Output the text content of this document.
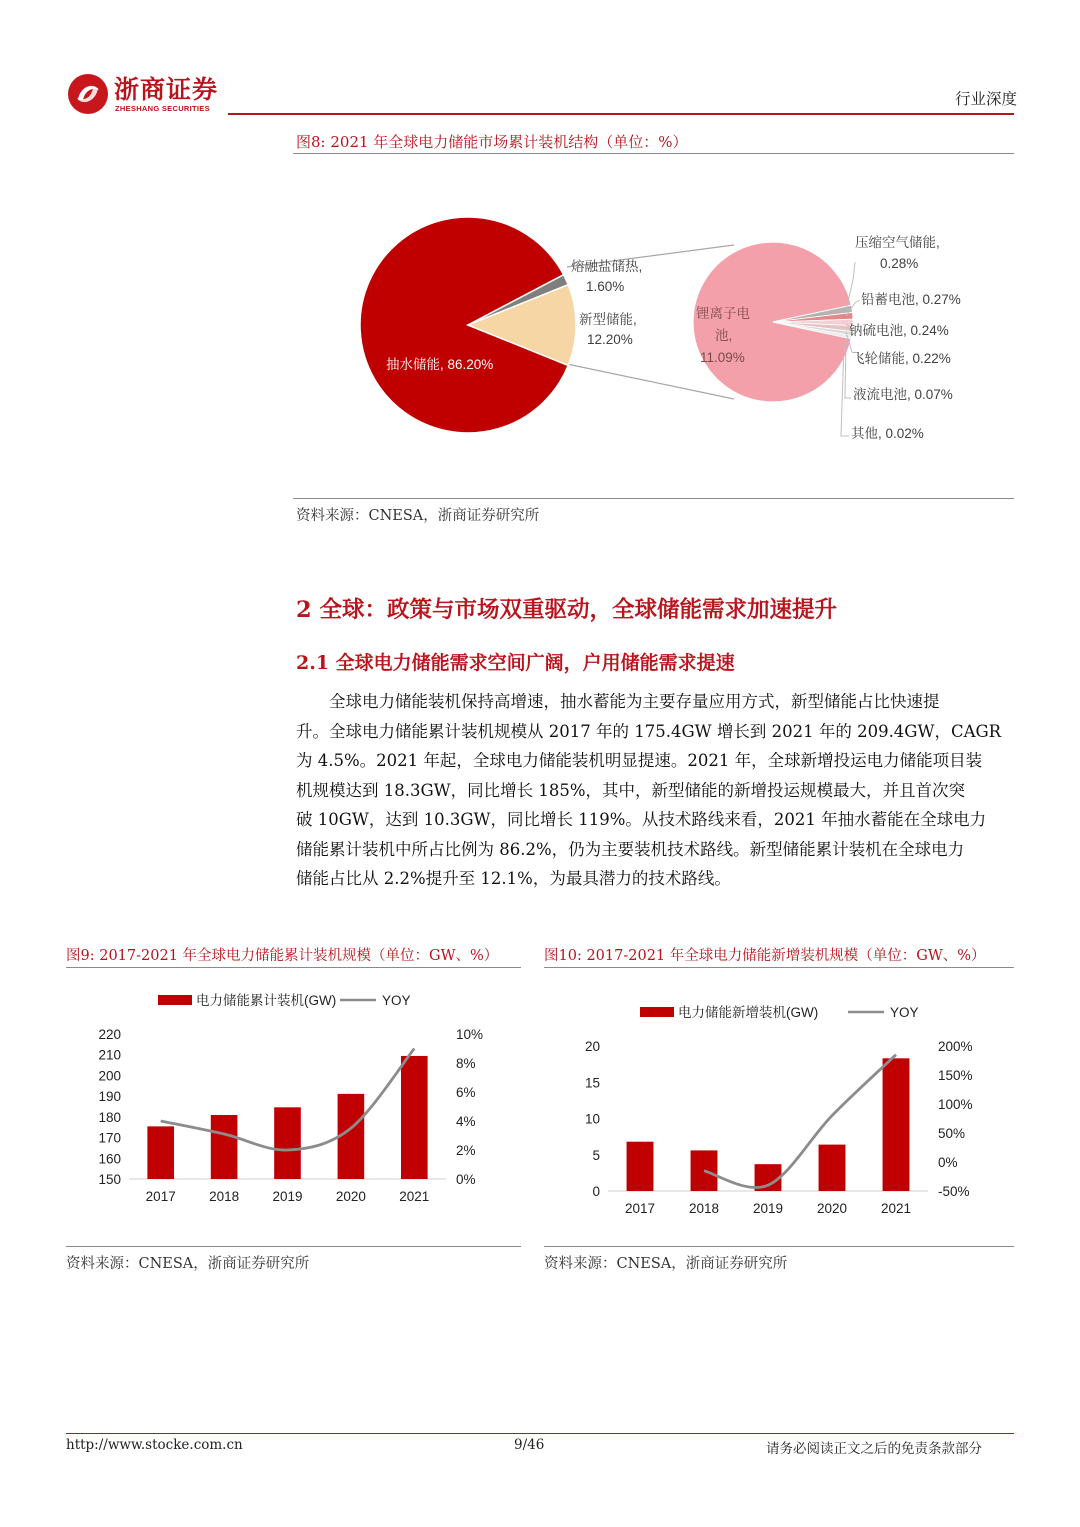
浙商证券
ZHESHANG SECURITIES
行业深度
图8: 2021 年全球电力储能市场累计装机结构（单位：%）
熔融盐储热, 1.60%
新型储能, 12.20%
抽水储能, 86.20%
锂离子电池, 11.09%
压缩空气储能, 0.28%
铅蓄电池, 0.27%
钠硫电池, 0.24%
飞轮储能, 0.22%
液流电池, 0.07%
其他, 0.02%
资料来源：CNESA，浙商证券研究所
2 全球：政策与市场双重驱动，全球储能需求加速提升
2.1 全球电力储能需求空间广阔，户用储能需求提速
全球电力储能装机保持高增速，抽水蓄能为主要存量应用方式，新型储能占比快速提
升。全球电力储能累计装机规模从 2017 年的 175.4GW 增长到 2021 年的 209.4GW，CAGR
为 4.5%。2021 年起，全球电力储能装机明显提速。2021 年，全球新增投运电力储能项目装
机规模达到 18.3GW，同比增长 185%，其中，新型储能的新增投运规模最大，并且首次突
破 10GW，达到 10.3GW，同比增长 119%。从技术路线来看，2021 年抽水蓄能在全球电力
储能累计装机中所占比例为 86.2%，仍为主要装机技术路线。新型储能累计装机在全球电力
储能占比从 2.2%提升至 12.1%，为最具潜力的技术路线。
图9: 2017-2021 年全球电力储能累计装机规模（单位：GW、%）
电力储能累计装机(GW)	YOY
150
160
170
180
190
200
210
220
0%
2%
4%
6%
8%
10%
2017 2018 2019 2020 2021
资料来源：CNESA，浙商证券研究所
图10: 2017-2021 年全球电力储能新增装机规模（单位：GW、%）
电力储能新增装机(GW)	YOY
0
5
10
15
20
-50%
0%
50%
100%
150%
200%
2017	2018	2019	2020	2021
资料来源：CNESA，浙商证券研究所
http://www.stocke.com.cn	9/46	请务必阅读正文之后的免责条款部分
